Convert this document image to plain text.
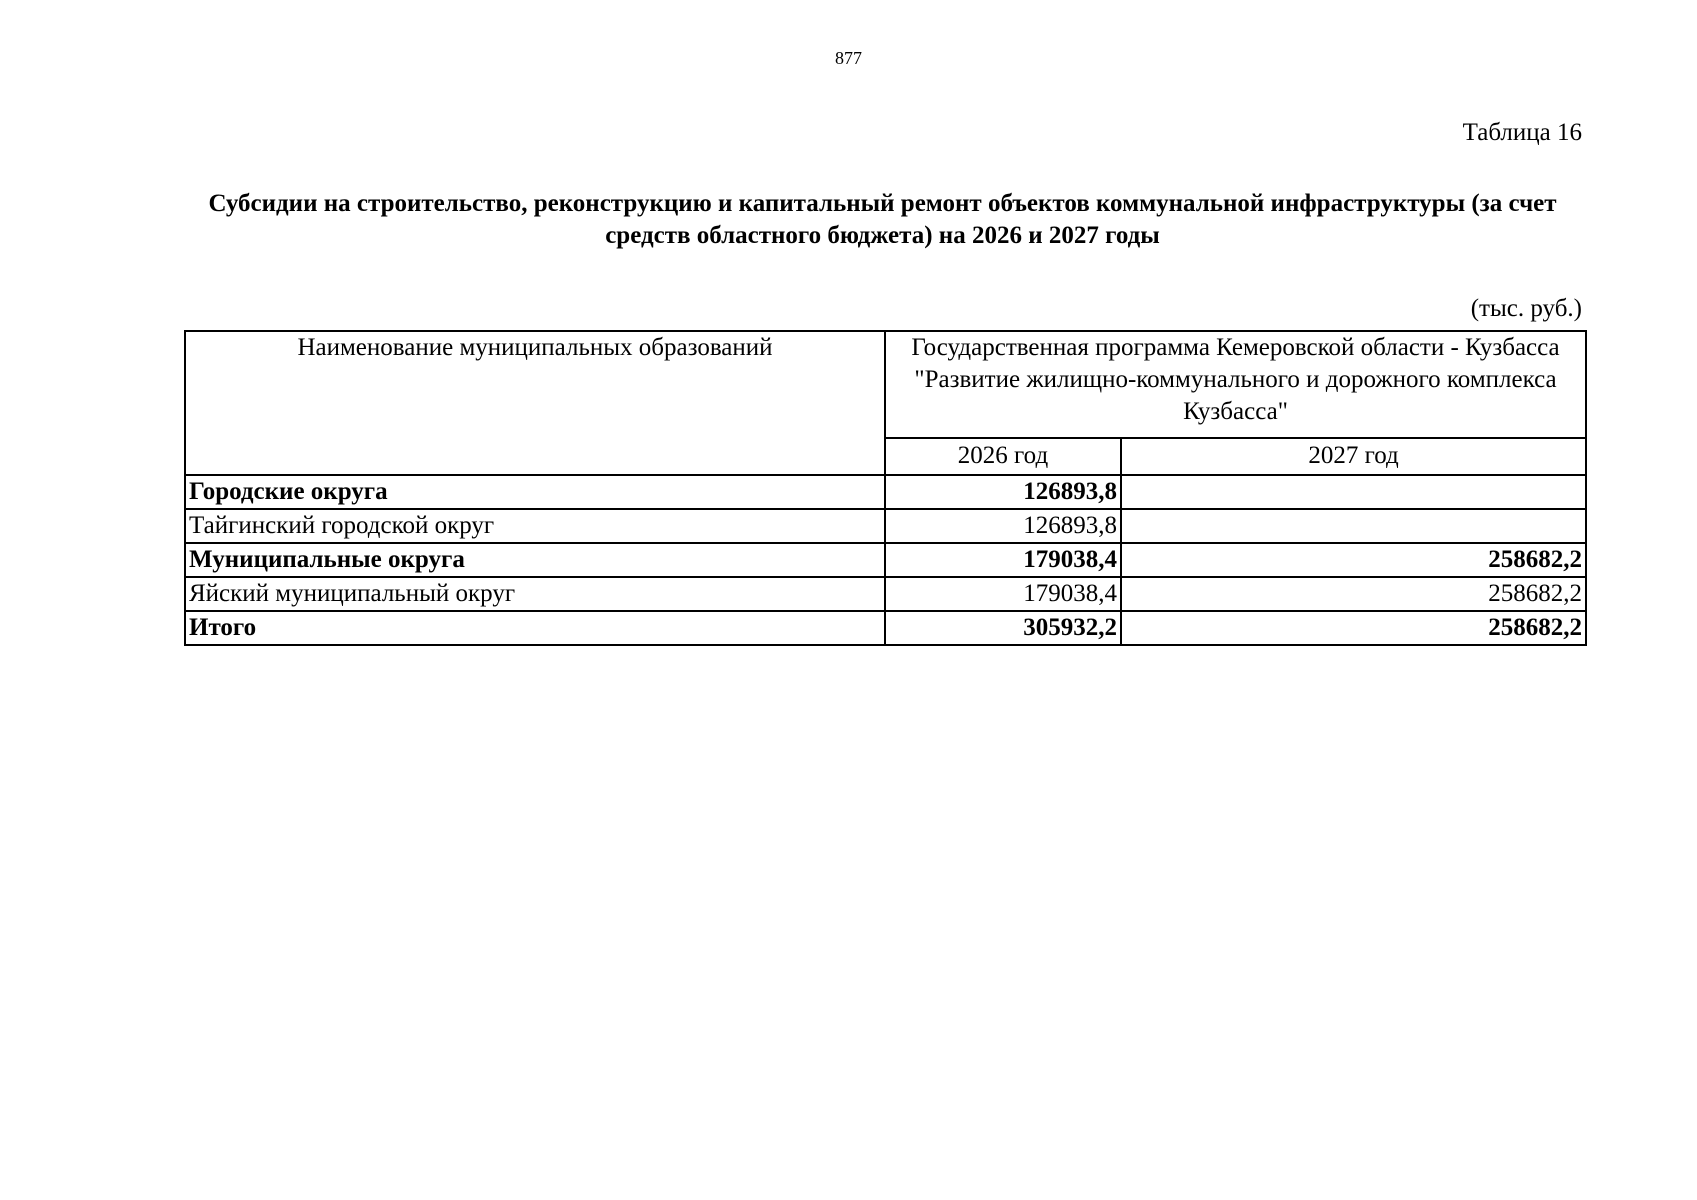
877
Таблица 16
Субсидии на строительство, реконструкцию и капитальный ремонт объектов коммунальной инфраструктуры (за счет средств областного бюджета) на 2026 и 2027 годы
(тыс. руб.)
Наименование муниципальных образований	Государственная программа Кемеровской области - Кузбасса "Развитие жилищно-коммунального и дорожного комплекса Кузбасса"	
	2026 год	2027 год
Городские округа	126893,8	
Тайгинский городской округ	126893,8	
Муниципальные округа	179038,4	258682,2
Яйский муниципальный округ	179038,4	258682,2
Итого	305932,2	258682,2
